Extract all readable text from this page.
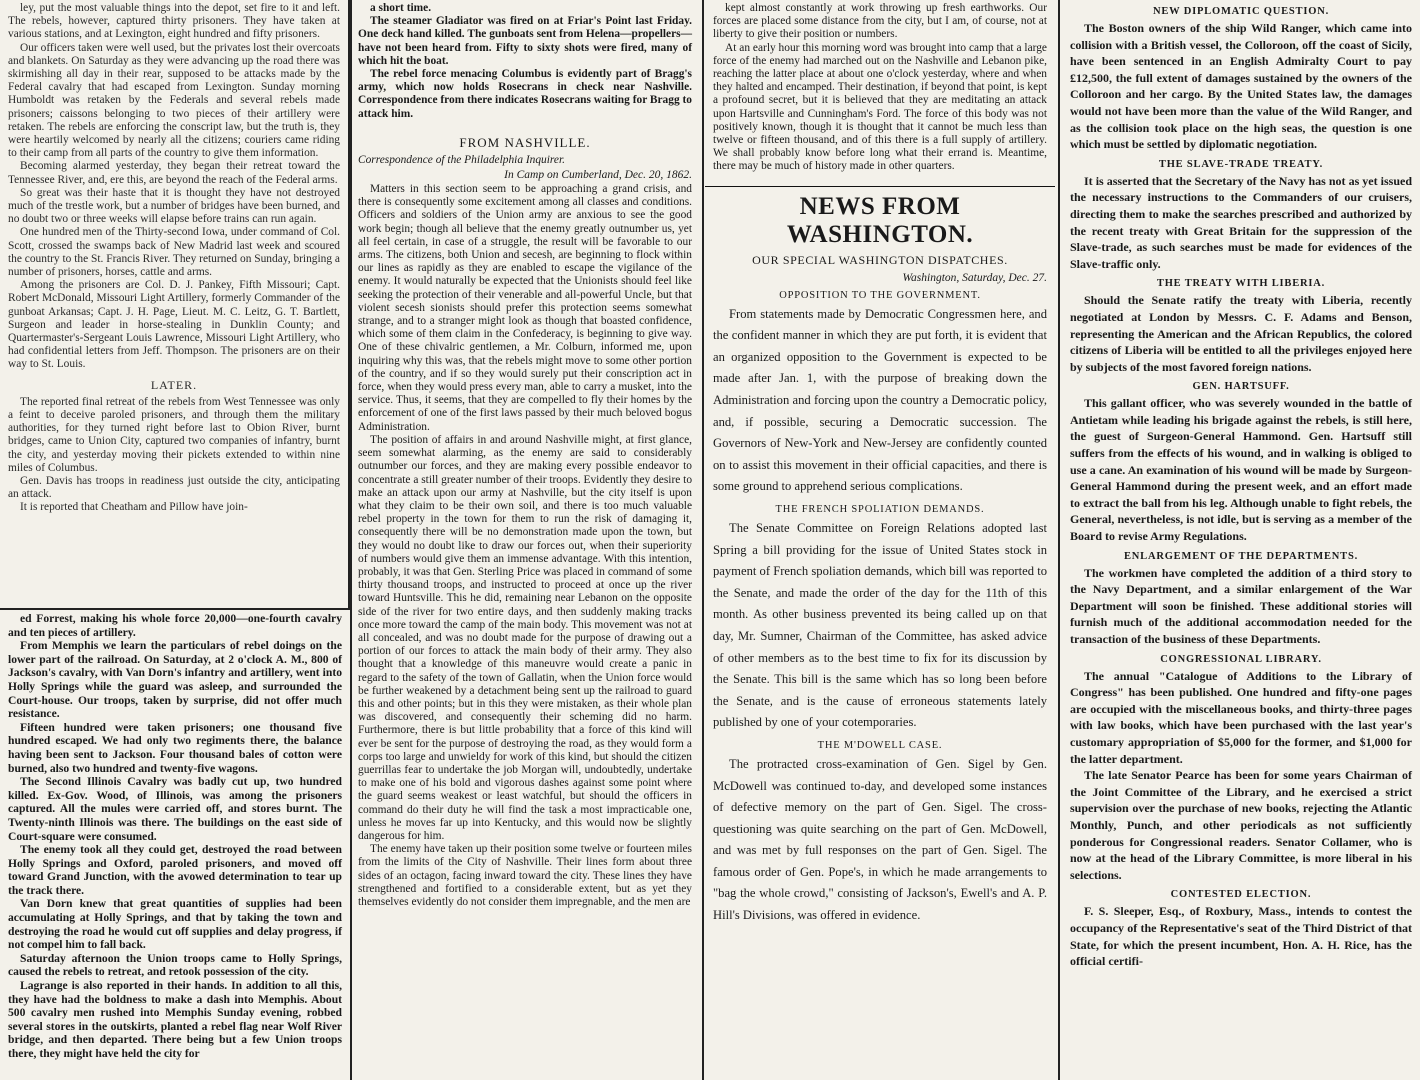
ley, put the most valuable things into the depot, set fire to it and left. The rebels, however, captured thirty prisoners. They have taken at various stations, and at Lexington, eight hundred and fifty prisoners.

Our officers taken were well used, but the privates lost their overcoats and blankets. On Saturday as they were advancing up the road there was skirmishing all day in their rear, supposed to be attacks made by the Federal cavalry that had escaped from Lexington. Sunday morning Humboldt was retaken by the Federals and several rebels made prisoners; caissons belonging to two pieces of their artillery were retaken. The rebels are enforcing the conscript law, but the truth is, they were heartily welcomed by nearly all the citizens; couriers came riding to their camp from all parts of the country to give them information.

Becoming alarmed yesterday, they began their retreat toward the Tennessee River, and, ere this, are beyond the reach of the Federal arms.

So great was their haste that it is thought they have not destroyed much of the trestle work, but a number of bridges have been burned, and no doubt two or three weeks will elapse before trains can run again.

One hundred men of the Thirty-second Iowa, under command of Col. Scott, crossed the swamps back of New Madrid last week and scoured the country to the St. Francis River. They returned on Sunday, bringing a number of prisoners, horses, cattle and arms.

Among the prisoners are Col. D. J. Pankey, Fifth Missouri; Capt. Robert McDonald, Missouri Light Artillery, formerly Commander of the gunboat Arkansas; Capt. J. H. Page, Lieut. M. C. Leitz, G. T. Bartlett, Surgeon and leader in horse-stealing in Dunklin County; and Quartermaster's-Sergeant Louis Lawrence, Missouri Light Artillery, who had confidential letters from Jeff. Thompson. The prisoners are on their way to St. Louis.

LATER.

The reported final retreat of the rebels from West Tennessee was only a feint to deceive paroled prisoners, and through them the military authorities, for they turned right before last to Obion River, burnt bridges, came to Union City, captured two companies of infantry, burnt the city, and yesterday moving their pickets extended to within nine miles of Columbus.

Gen. Davis has troops in readiness just outside the city, anticipating an attack.

It is reported that Cheatham and Pillow have join-

ed Forrest, making his whole force 20,000—one-fourth cavalry and ten pieces of artillery.

From Memphis we learn the particulars of rebel doings on the lower part of the railroad. On Saturday, at 2 o'clock A. M., 800 of Jackson's cavalry, with Van Dorn's infantry and artillery, went into Holly Springs while the guard was asleep, and surrounded the Court-house. Our troops, taken by surprise, did not offer much resistance.

Fifteen hundred were taken prisoners; one thousand five hundred escaped. We had only two regiments there, the balance having been sent to Jackson. Four thousand bales of cotton were burned, also two hundred and twenty-five wagons.

The Second Illinois Cavalry was badly cut up, two hundred killed. Ex-Gov. Wood, of Illinois, was among the prisoners captured. All the mules were carried off, and stores burnt. The Twenty-ninth Illinois was there. The buildings on the east side of Court-square were consumed.

The enemy took all they could get, destroyed the road between Holly Springs and Oxford, paroled prisoners, and moved off toward Grand Junction, with the avowed determination to tear up the track there.

Van Dorn knew that great quantities of supplies had been accumulating at Holly Springs, and that by taking the town and destroying the road he would cut off supplies and delay progress, if not compel him to fall back.

Saturday afternoon the Union troops came to Holly Springs, caused the rebels to retreat, and retook possession of the city.

Lagrange is also reported in their hands. In addition to all this, they have had the boldness to make a dash into Memphis. About 500 cavalry men rushed into Memphis Sunday evening, robbed several stores in the outskirts, planted a rebel flag near Wolf River bridge, and then departed. There being but a few Union troops there, they might have held the city for

a short time.

The steamer Gladiator was fired on at Friar's Point last Friday. One deck hand killed. The gunboats sent from Helena—propellers—have not been heard from. Fifty to sixty shots were fired, many of which hit the boat.

The rebel force menacing Columbus is evidently part of Bragg's army, which now holds Rosecrans in check near Nashville. Correspondence from there indicates Rosecrans waiting for Bragg to attack him.

FROM NASHVILLE.
Correspondence of the Philadelphia Inquirer.
In Camp on Cumberland, Dec. 20, 1862.

Matters in this section seem to be approaching a grand crisis, and there is consequently some excitement among all classes and conditions. Officers and soldiers of the Union army are anxious to see the good work begin; though all believe that the enemy greatly outnumber us, yet all feel certain, in case of a struggle, the result will be favorable to our arms. The citizens, both Union and secesh, are beginning to flock within our lines as rapidly as they are enabled to escape the vigilance of the enemy. It would naturally be expected that the Unionists should feel like seeking the protection of their venerable and all-powerful Uncle, but that violent secesh sionists should prefer this protection seems somewhat strange, and to a stranger might look as though that boasted confidence, which some of them claim in the Confederacy, is beginning to give way. One of these chivalric gentlemen, a Mr. Colburn, informed me, upon inquiring why this was, that the rebels might move to some other portion of the country, and if so they would surely put their conscription act in force, when they would press every man, able to carry a musket, into the service. Thus, it seems, that they are compelled to fly their homes by the enforcement of one of the first laws passed by their much beloved bogus Administration.

The position of affairs in and around Nashville might, at first glance, seem somewhat alarming, as the enemy are said to considerably outnumber our forces, and they are making every possible endeavor to concentrate a still greater number of their troops. Evidently they desire to make an attack upon our army at Nashville, but the city itself is upon what they claim to be their own soil, and there is too much valuable rebel property in the town for them to run the risk of damaging it, consequently there will be no demonstration made upon the town, but they would no doubt like to draw our forces out, when their superiority of numbers would give them an immense advantage. With this intention, probably, it was that Gen. Sterling Price was placed in command of some thirty thousand troops, and instructed to proceed at once up the river toward Huntsville. This he did, remaining near Lebanon on the opposite side of the river for two entire days, and then suddenly making tracks once more toward the camp of the main body. This movement was not at all concealed, and was no doubt made for the purpose of drawing out a portion of our forces to attack the main body of their army. They also thought that a knowledge of this maneuvre would create a panic in regard to the safety of the town of Gallatin, when the Union force would be further weakened by a detachment being sent up the railroad to guard this and other points; but in this they were mistaken, as their whole plan was discovered, and consequently their scheming did no harm. Furthermore, there is but little probability that a force of this kind will ever be sent for the purpose of destroying the road, as they would form a corps too large and unwieldy for work of this kind, but should the citizen guerrillas fear to undertake the job Morgan will, undoubtedly, undertake to make one of his bold and vigorous dashes against some point where the guard seems weakest or least watchful, but should the officers in command do their duty he will find the task a most impracticable one, unless he moves far up into Kentucky, and this would now be slightly dangerous for him.

The enemy have taken up their position some twelve or fourteen miles from the limits of the City of Nashville. Their lines form about three sides of an octagon, facing inward toward the city. These lines they have strengthened and fortified to a considerable extent, but as yet they themselves evidently do not consider them impregnable, and the men are

kept almost constantly at work throwing up fresh earthworks. Our forces are placed some distance from the city, but I am, of course, not at liberty to give their position or numbers.

At an early hour this morning word was brought into camp that a large force of the enemy had marched out on the Nashville and Lebanon pike, reaching the latter place at about one o'clock yesterday, where and when they halted and encamped. Their destination, if beyond that point, is kept a profound secret, but it is believed that they are meditating an attack upon Hartsville and Cunningham's Ford. The force of this body was not positively known, though it is thought that it cannot be much less than twelve or fifteen thousand, and of this there is a full supply of artillery. We shall probably know before long what their errand is. Meantime, there may be much of history made in other quarters.

NEWS FROM WASHINGTON.
OUR SPECIAL WASHINGTON DISPATCHES.
Washington, Saturday, Dec. 27.
OPPOSITION TO THE GOVERNMENT.

From statements made by Democratic Congressmen here, and the confident manner in which they are put forth, it is evident that an organized opposition to the Government is expected to be made after Jan. 1, with the purpose of breaking down the Administration and forcing upon the country a Democratic policy, and, if possible, securing a Democratic succession. The Governors of New-York and New-Jersey are confidently counted on to assist this movement in their official capacities, and there is some ground to apprehend serious complications.

THE FRENCH SPOLIATION DEMANDS.

The Senate Committee on Foreign Relations adopted last Spring a bill providing for the issue of United States stock in payment of French spoliation demands, which bill was reported to the Senate, and made the order of the day for the 11th of this month. As other business prevented its being called up on that day, Mr. Sumner, Chairman of the Committee, has asked advice of other members as to the best time to fix for its discussion by the Senate. This bill is the same which has so long been before the Senate, and is the cause of erroneous statements lately published by one of your cotemporaries.

THE M'DOWELL CASE.

The protracted cross-examination of Gen. Sigel by Gen. McDowell was continued to-day, and developed some instances of defective memory on the part of Gen. Sigel. The cross-questioning was quite searching on the part of Gen. McDowell, and was met by full responses on the part of Gen. Sigel. The famous order of Gen. Pope's, in which he made arrangements to "bag the whole crowd," consisting of Jackson's, Ewell's and A. P. Hill's Divisions, was offered in evidence.

NEW DIPLOMATIC QUESTION.

The Boston owners of the ship Wild Ranger, which came into collision with a British vessel, the Colloroon, off the coast of Sicily, have been sentenced in an English Admiralty Court to pay £12,500, the full extent of damages sustained by the owners of the Colloroon and her cargo. By the United States law, the damages would not have been more than the value of the Wild Ranger, and as the collision took place on the high seas, the question is one which must be settled by diplomatic negotiation.

THE SLAVE-TRADE TREATY.

It is asserted that the Secretary of the Navy has not as yet issued the necessary instructions to the Commanders of our cruisers, directing them to make the searches prescribed and authorized by the recent treaty with Great Britain for the suppression of the Slave-trade, as such searches must be made for evidences of the Slave-traffic only.

THE TREATY WITH LIBERIA.

Should the Senate ratify the treaty with Liberia, recently negotiated at London by Messrs. C. F. Adams and Benson, representing the American and the African Republics, the colored citizens of Liberia will be entitled to all the privileges enjoyed here by subjects of the most favored foreign nations.

GEN. HARTSUFF.

This gallant officer, who was severely wounded in the battle of Antietam while leading his brigade against the rebels, is still here, the guest of Surgeon-General Hammond. Gen. Hartsuff still suffers from the effects of his wound, and in walking is obliged to use a cane. An examination of his wound will be made by Surgeon-General Hammond during the present week, and an effort made to extract the ball from his leg. Although unable to fight rebels, the General, nevertheless, is not idle, but is serving as a member of the Board to revise Army Regulations.

ENLARGEMENT OF THE DEPARTMENTS.

The workmen have completed the addition of a third story to the Navy Department, and a similar enlargement of the War Department will soon be finished. These additional stories will furnish much of the additional accommodation needed for the transaction of the business of these Departments.

CONGRESSIONAL LIBRARY.

The annual "Catalogue of Additions to the Library of Congress" has been published. One hundred and fifty-one pages are occupied with the miscellaneous books, and thirty-three pages with law books, which have been purchased with the last year's customary appropriation of $5,000 for the former, and $1,000 for the latter department.

The late Senator Pearce has been for some years Chairman of the Joint Committee of the Library, and he exercised a strict supervision over the purchase of new books, rejecting the Atlantic Monthly, Punch, and other periodicals as not sufficiently ponderous for Congressional readers. Senator Collamer, who is now at the head of the Library Committee, is more liberal in his selections.

CONTESTED ELECTION.

F. S. Sleeper, Esq., of Roxbury, Mass., intends to contest the occupancy of the Representative's seat of the Third District of that State, for which the present incumbent, Hon. A. H. Rice, has the official certifi-
